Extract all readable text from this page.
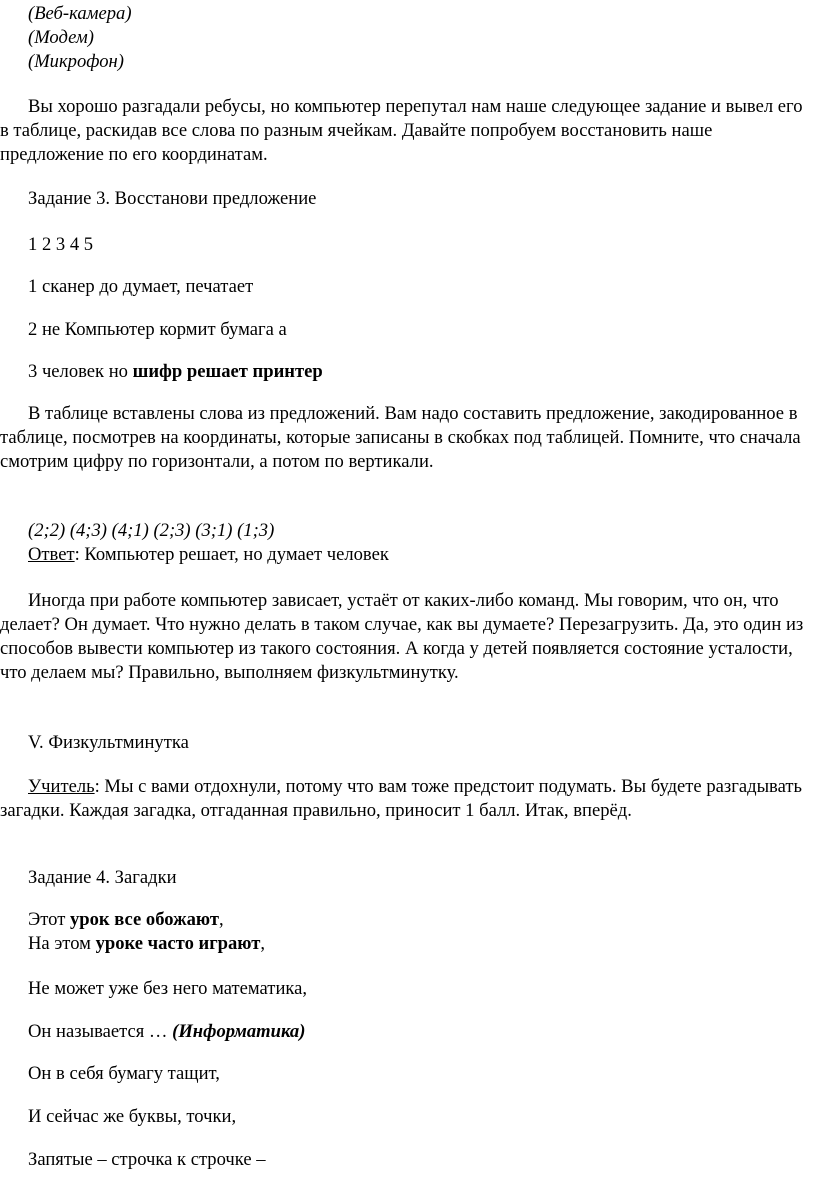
(Веб-камера)
(Модем)
(Микрофон)

Вы хорошо разгадали ребусы, но компьютер перепутал нам наше следующее задание и вывел его в таблице, раскидав все слова по разным ячейкам. Давайте попробуем восстановить наше предложение по его координатам.

Задание 3. Восстанови предложение
1 2 3 4 5
1 сканер до думает, печатает
2 не Компьютер кормит бумага а
3 человек но шифр решает принтер

В таблице вставлены слова из предложений. Вам надо составить предложение, закодированное в таблице, посмотрев на координаты, которые записаны в скобках под таблицей. Помните, что сначала смотрим цифру по горизонтали, а потом по вертикали.

(2;2) (4;3) (4;1) (2;3) (3;1) (1;3)
Ответ: Компьютер решает, но думает человек

Иногда при работе компьютер зависает, устаёт от каких-либо команд. Мы говорим, что он, что делает? Он думает. Что нужно делать в таком случае, как вы думаете? Перезагрузить. Да, это один из способов вывести компьютер из такого состояния. А когда у детей появляется состояние усталости, что делаем мы? Правильно, выполняем физкультминутку.

V. Физкультминутка

Учитель: Мы с вами отдохнули, потому что вам тоже предстоит подумать. Вы будете разгадывать загадки. Каждая загадка, отгаданная правильно, приносит 1 балл. Итак, вперёд.

Задание 4. Загадки
Этот урок все обожают,
На этом уроке часто играют,
Не может уже без него математика,
Он называется … (Информатика)
Он в себя бумагу тащит,
И сейчас же буквы, точки,
Запятые – строчка к строчке –
